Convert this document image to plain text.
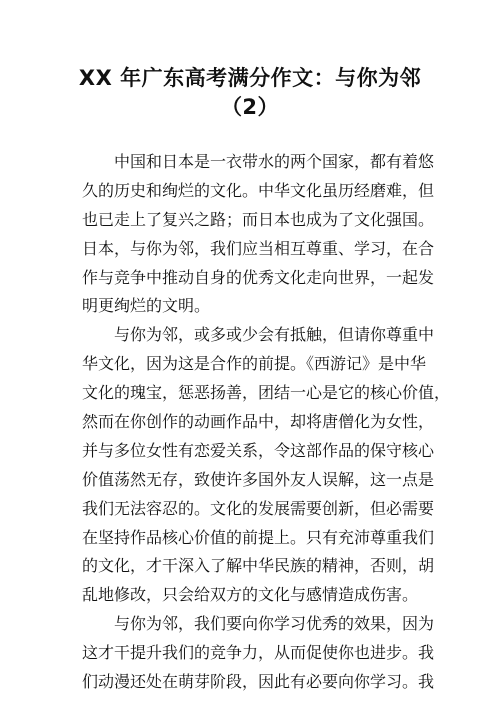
XX 年广东高考满分作文：与你为邻
（2）
中国和日本是一衣带水的两个国家，都有着悠
久的历史和绚烂的文化。中华文化虽历经磨难，但
也已走上了复兴之路；而日本也成为了文化强国。
日本，与你为邻，我们应当相互尊重、学习，在合
作与竞争中推动自身的优秀文化走向世界，一起发
明更绚烂的文明。
与你为邻，或多或少会有抵触，但请你尊重中
华文化，因为这是合作的前提。《西游记》是中华
文化的瑰宝，惩恶扬善，团结一心是它的核心价值，
然而在你创作的动画作品中，却将唐僧化为女性，
并与多位女性有恋爱关系，令这部作品的保守核心
价值荡然无存，致使许多国外友人误解，这一点是
我们无法容忍的。文化的发展需要创新，但必需要
在坚持作品核心价值的前提上。只有充沛尊重我们
的文化，才干深入了解中华民族的精神，否则，胡
乱地修改，只会给双方的文化与感情造成伤害。
与你为邻，我们要向你学习优秀的效果，因为
这才干提升我们的竞争力，从而促使你也进步。我
们动漫还处在萌芽阶段，因此有必要向你学习。我
